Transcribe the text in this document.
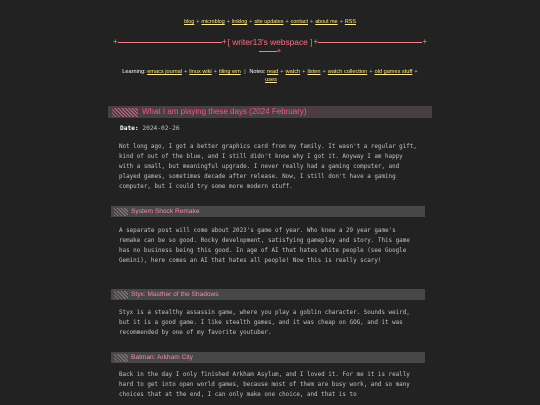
blog + microblog + linklog + site updates + contact + about me + RSS
+	+ [ writer13's webspace ] +	+
+
Learning: emacs journal + linux wiki + tiling wm | Notes: read + watch + listen + watch collection + old games stuff +
uses
What I am playing these days (2024 February)
Date: 2024-02-26
Not long ago, I got a better graphics card from my family. It wasn't a regular gift, kind of out of the blue, and I still didn't know why I got it. Anyway I am happy with a small, but meaningful upgrade. I never really had a gaming computer, and played games, sometimes decade after release. Now, I still don't have a gaming computer, but I could try some more modern stuff.
System Shock Remake
A separate post will come about 2023's game of year. Who knew a 29 year game's remake can be so good. Rocky development, satisfying gameplay and story. This game has no business being this good. In age of AI that hates white people (see Google Gemini), here comes an AI that hates all people! Now this is really scary!
Styx: Masther of the Shadows
Styx is a stealthy assassin game, where you play a goblin character. Sounds weird, but it is a good game. I like stealth games, and it was cheap on GOG, and it was recommended by one of my favorite youtuber.
Batman: Arkham City
Back in the day I only finished Arkham Asylum, and I loved it. For me it is really hard to get into open world games, because most of them are busy work, and so many choices that at the end, I can only make one choice, and that is to
